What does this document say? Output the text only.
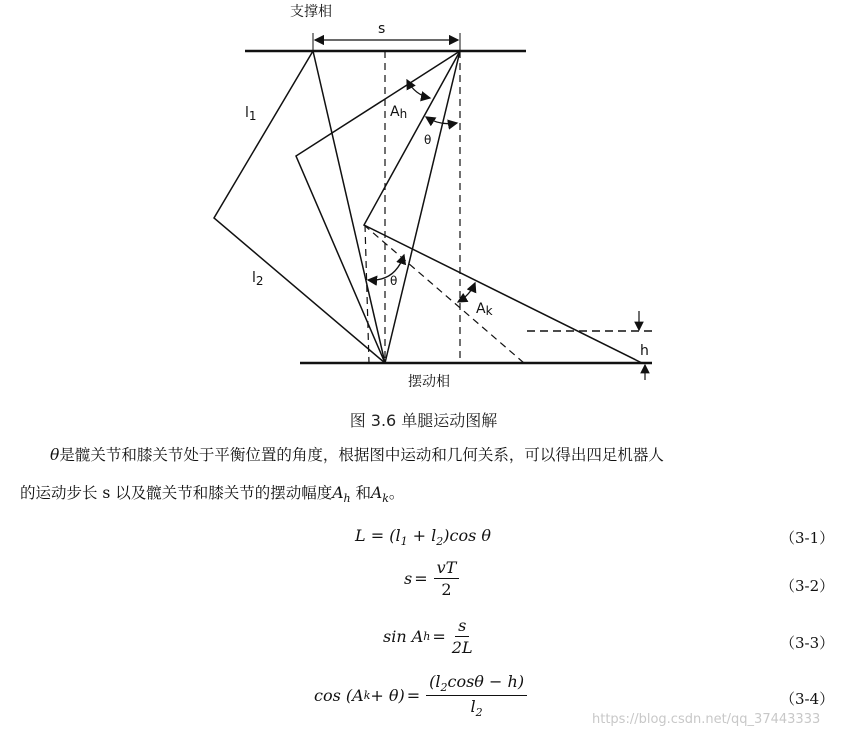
支撑相
s
l1
l2
Ah
θ
θ
Ak
h
摆动相
图 3.6 单腿运动图解
θ是髋关节和膝关节处于平衡位置的角度，根据图中运动和几何关系，可以得出四足机器人
的运动步长 s 以及髋关节和膝关节的摆动幅度$A_h$ 和$A_k$。
$L = (l_1 + l_2)\cos$ θ	（3-1）
$s = \frac{vT}{2}$	（3-2）
sin A $h = \frac{s}{2L}$	（3-3）
cos (A $k + \theta) = \frac{(l_2\cos\theta - h)}{l_2}$	（3-4）
https://blog.csdn.net/qq_37443333
